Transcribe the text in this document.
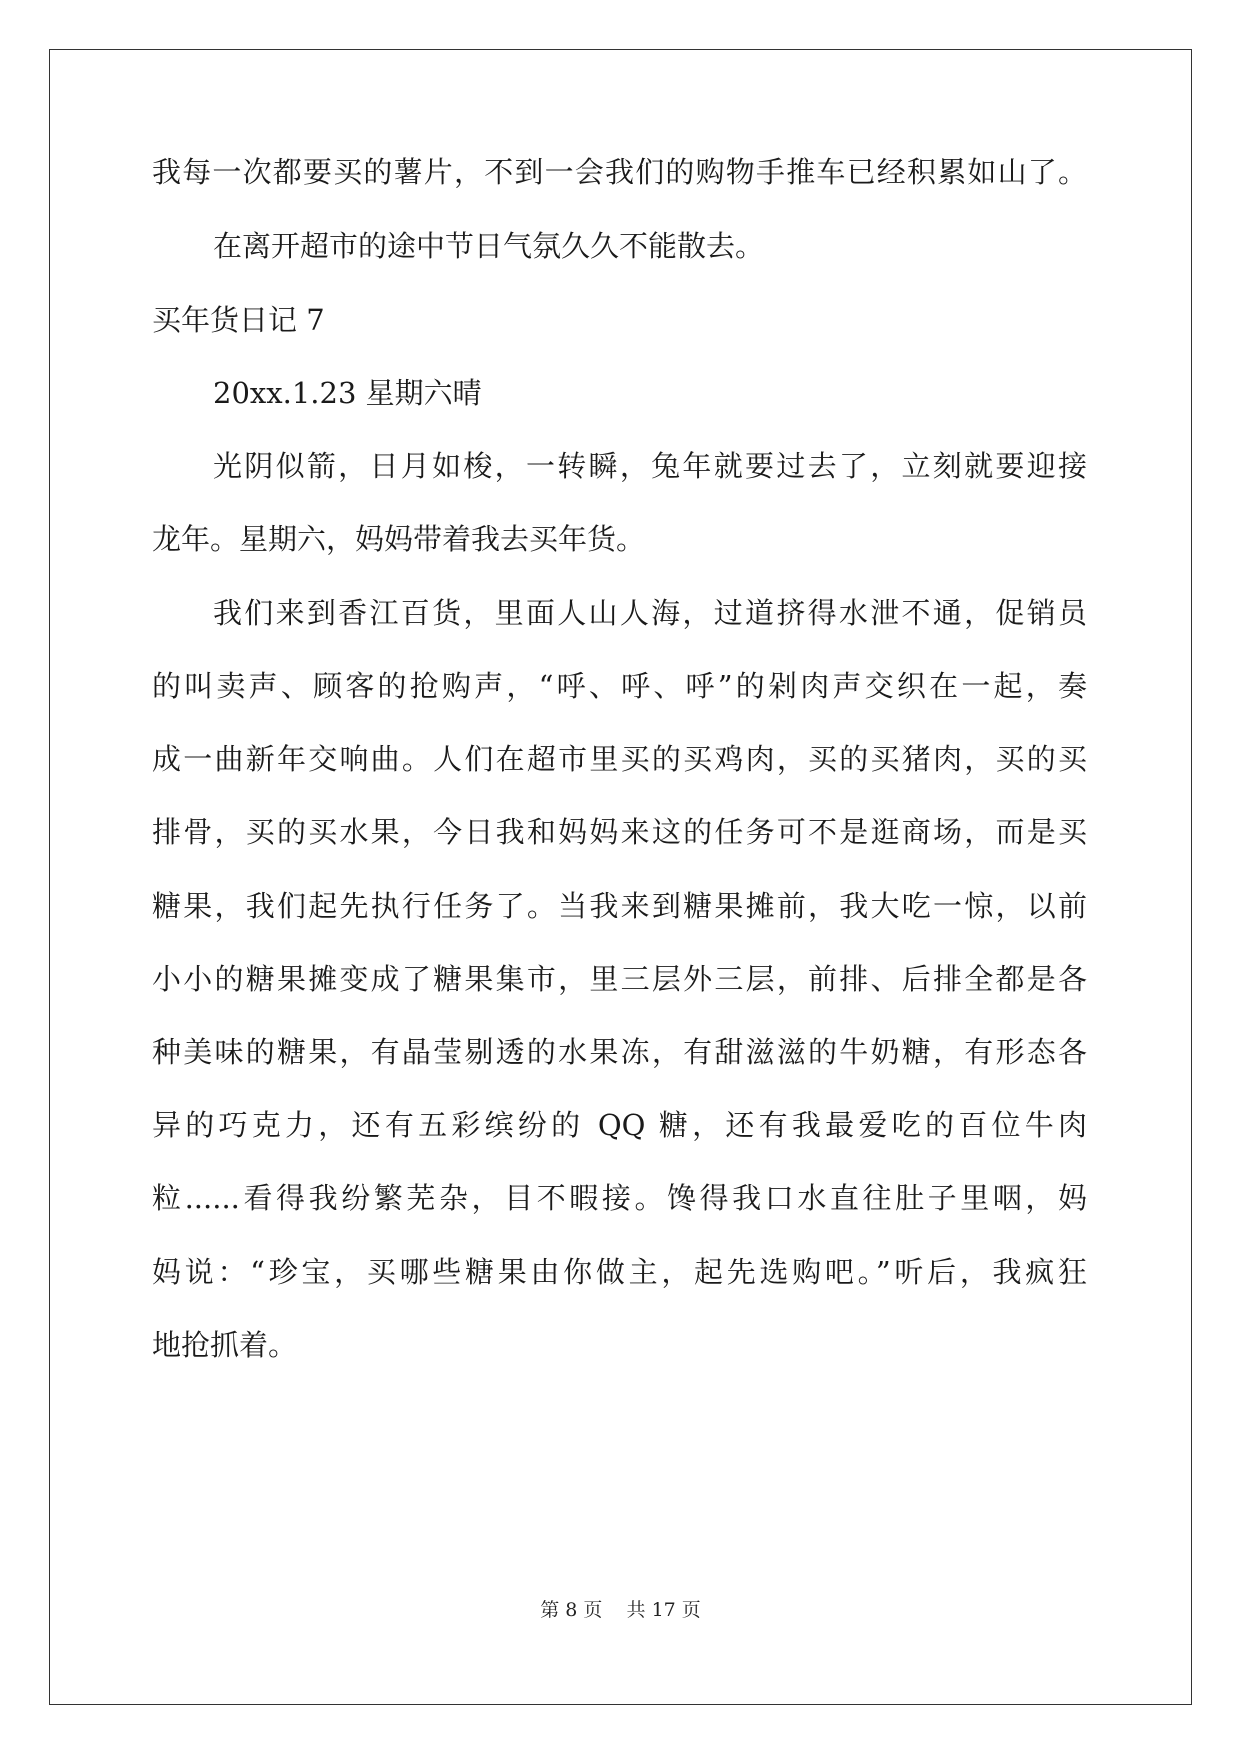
我每一次都要买的薯片，不到一会我们的购物手推车已经积累如山了。
在离开超市的途中节日气氛久久不能散去。
买年货日记 7
20xx.1.23 星期六晴
光阴似箭，日月如梭，一转瞬，兔年就要过去了，立刻就要迎接
龙年。星期六，妈妈带着我去买年货。
我们来到香江百货，里面人山人海，过道挤得水泄不通，促销员
的叫卖声、顾客的抢购声，“呼、呼、呼”的剁肉声交织在一起，奏
成一曲新年交响曲。人们在超市里买的买鸡肉，买的买猪肉，买的买
排骨，买的买水果，今日我和妈妈来这的任务可不是逛商场，而是买
糖果，我们起先执行任务了。当我来到糖果摊前，我大吃一惊，以前
小小的糖果摊变成了糖果集市，里三层外三层，前排、后排全都是各
种美味的糖果，有晶莹剔透的水果冻，有甜滋滋的牛奶糖，有形态各
异的巧克力，还有五彩缤纷的 QQ 糖，还有我最爱吃的百位牛肉
粒......看得我纷繁芜杂，目不暇接。馋得我口水直往肚子里咽，妈
妈说：“珍宝，买哪些糖果由你做主，起先选购吧。”听后，我疯狂
地抢抓着。
第 8 页 共 17 页
